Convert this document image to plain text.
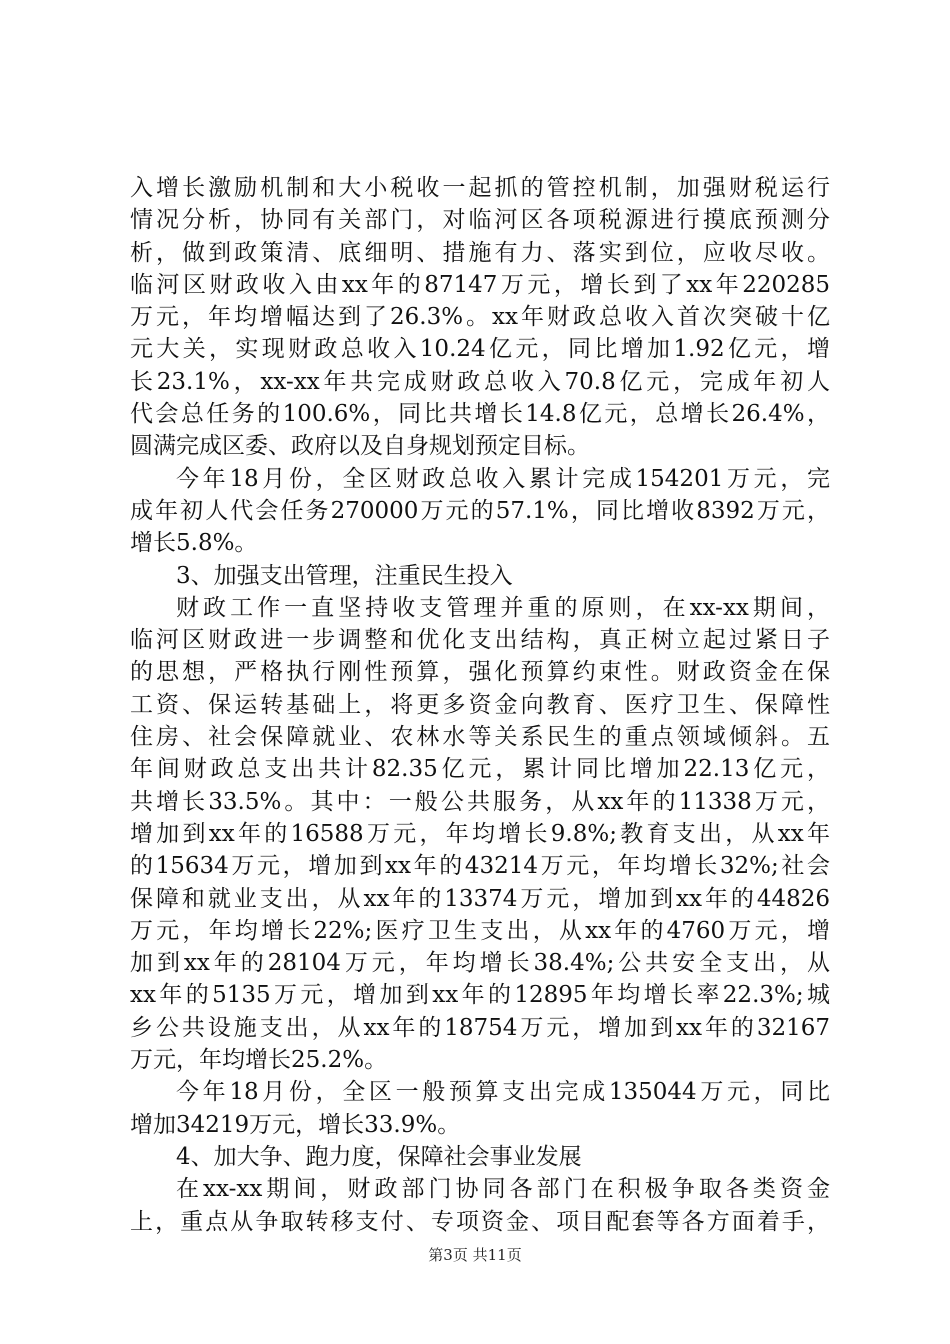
入增长激励机制和大小税收一起抓的管控机制，加强财税运行
情况分析，协同有关部门，对临河区各项税源进行摸底预测分
析，做到政策清、底细明、措施有力、落实到位，应收尽收。
临河区财政收入由xx年的87147万元，增长到了xx年220285
万元，年均增幅达到了26.3%。xx年财政总收入首次突破十亿
元大关，实现财政总收入10.24亿元，同比增加1.92亿元，增
长23.1%，xx-xx年共完成财政总收入70.8亿元，完成年初人
代会总任务的100.6%，同比共增长14.8亿元，总增长26.4%，
圆满完成区委、政府以及自身规划预定目标。
今年18月份，全区财政总收入累计完成154201万元，完
成年初人代会任务270000万元的57.1%，同比增收8392万元，
增长5.8%。
3、加强支出管理，注重民生投入
财政工作一直坚持收支管理并重的原则，在xx-xx期间，
临河区财政进一步调整和优化支出结构，真正树立起过紧日子
的思想，严格执行刚性预算，强化预算约束性。财政资金在保
工资、保运转基础上，将更多资金向教育、医疗卫生、保障性
住房、社会保障就业、农林水等关系民生的重点领域倾斜。五
年间财政总支出共计82.35亿元，累计同比增加22.13亿元，
共增长33.5%。其中：一般公共服务，从xx年的11338万元，
增加到xx年的16588万元，年均增长9.8%;教育支出，从xx年
的15634万元，增加到xx年的43214万元，年均增长32%;社会
保障和就业支出，从xx年的13374万元，增加到xx年的44826
万元，年均增长22%;医疗卫生支出，从xx年的4760万元，增
加到xx年的28104万元，年均增长38.4%;公共安全支出，从
xx年的5135万元，增加到xx年的12895年均增长率22.3%;城
乡公共设施支出，从xx年的18754万元，增加到xx年的32167
万元，年均增长25.2%。
今年18月份，全区一般预算支出完成135044万元，同比
增加34219万元，增长33.9%。
4、加大争、跑力度，保障社会事业发展
在xx-xx期间，财政部门协同各部门在积极争取各类资金
上，重点从争取转移支付、专项资金、项目配套等各方面着手，
第3页 共11页
